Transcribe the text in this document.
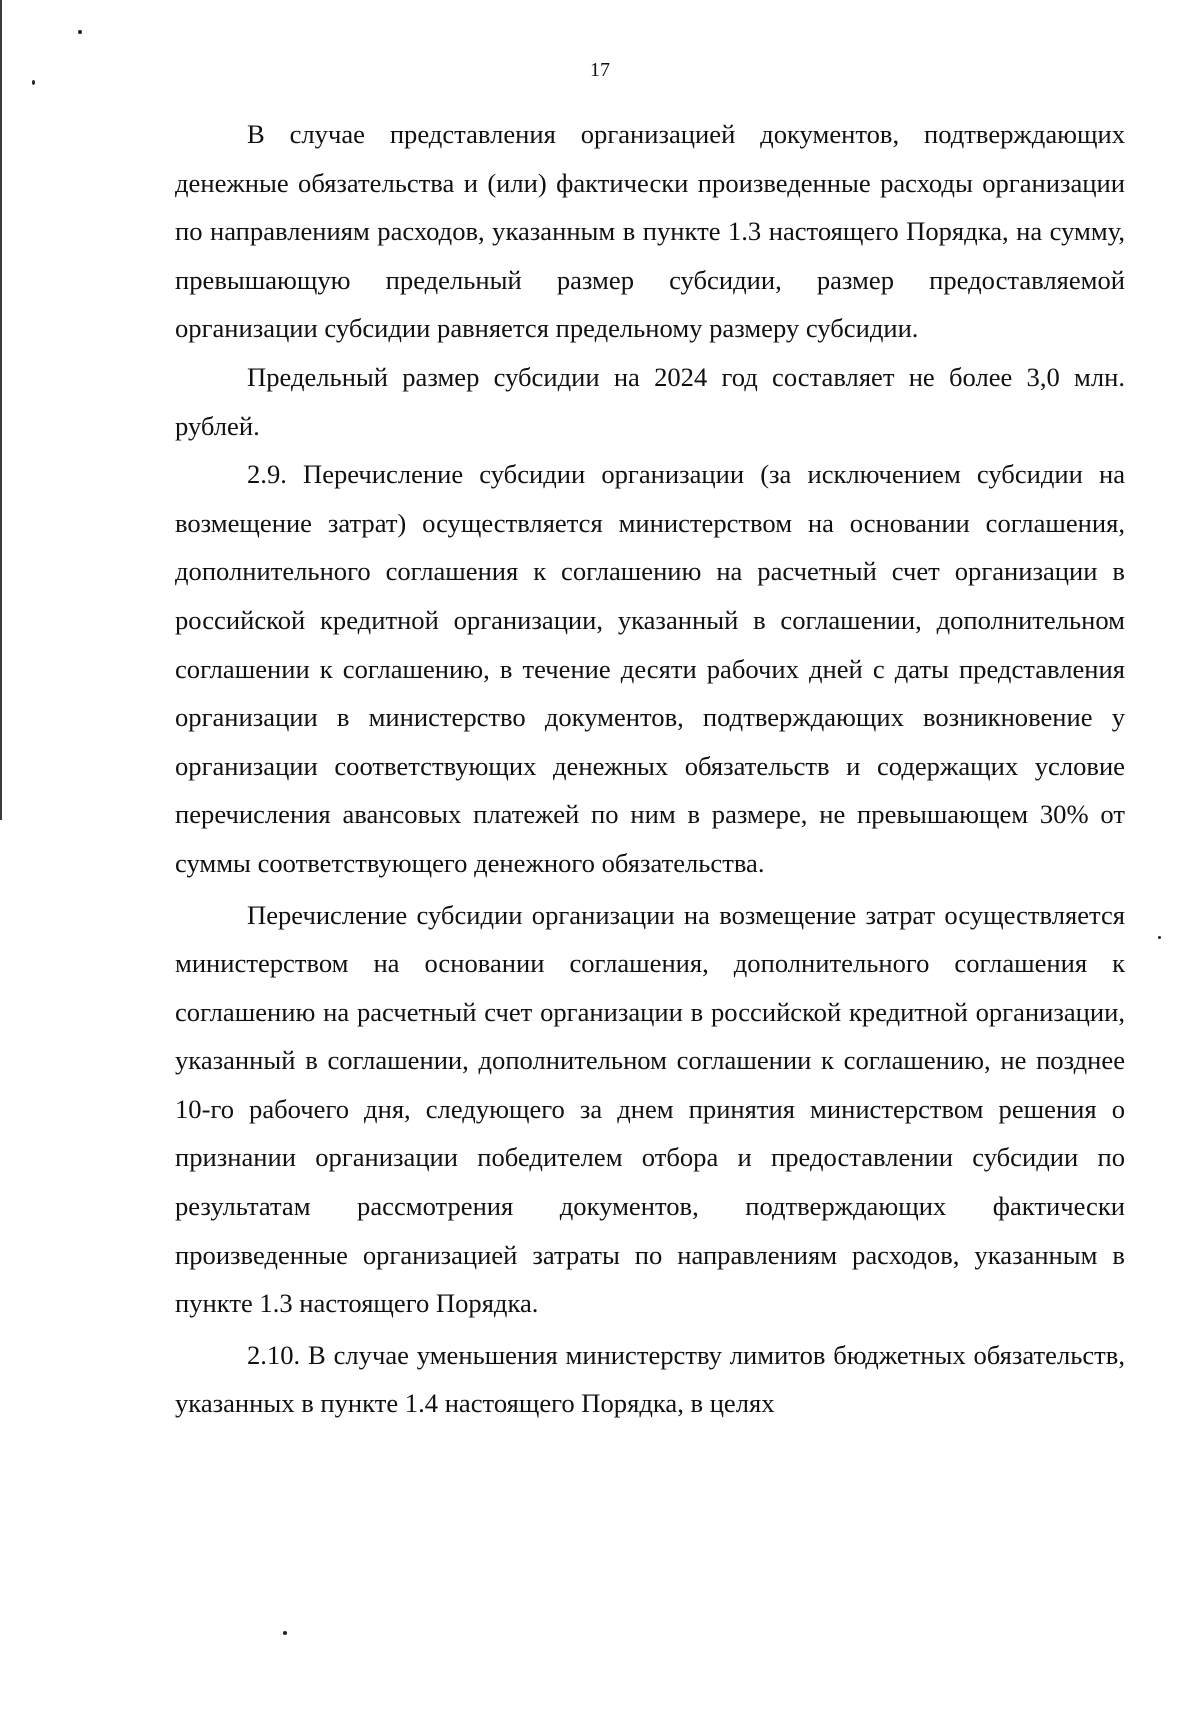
17

В случае представления организацией документов, подтверждающих денежные обязательства и (или) фактически произведенные расходы организации по направлениям расходов, указанным в пункте 1.3 настоящего Порядка, на сумму, превышающую предельный размер субсидии, размер предоставляемой организации субсидии равняется предельному размеру субсидии.

Предельный размер субсидии на 2024 год составляет не более 3,0 млн. рублей.

2.9. Перечисление субсидии организации (за исключением субсидии на возмещение затрат) осуществляется министерством на основании соглашения, дополнительного соглашения к соглашению на расчетный счет организации в российской кредитной организации, указанный в соглашении, дополнительном соглашении к соглашению, в течение десяти рабочих дней с даты представления организации в министерство документов, подтверждающих возникновение у организации соответствующих денежных обязательств и содержащих условие перечисления авансовых платежей по ним в размере, не превышающем 30% от суммы соответствующего денежного обязательства.

Перечисление субсидии организации на возмещение затрат осуществляется министерством на основании соглашения, дополнительного соглашения к соглашению на расчетный счет организации в российской кредитной организации, указанный в соглашении, дополнительном соглашении к соглашению, не позднее 10-го рабочего дня, следующего за днем принятия министерством решения о признании организации победителем отбора и предоставлении субсидии по результатам рассмотрения документов, подтверждающих фактически произведенные организацией затраты по направлениям расходов, указанным в пункте 1.3 настоящего Порядка.

2.10. В случае уменьшения министерству лимитов бюджетных обязательств, указанных в пункте 1.4 настоящего Порядка, в целях
